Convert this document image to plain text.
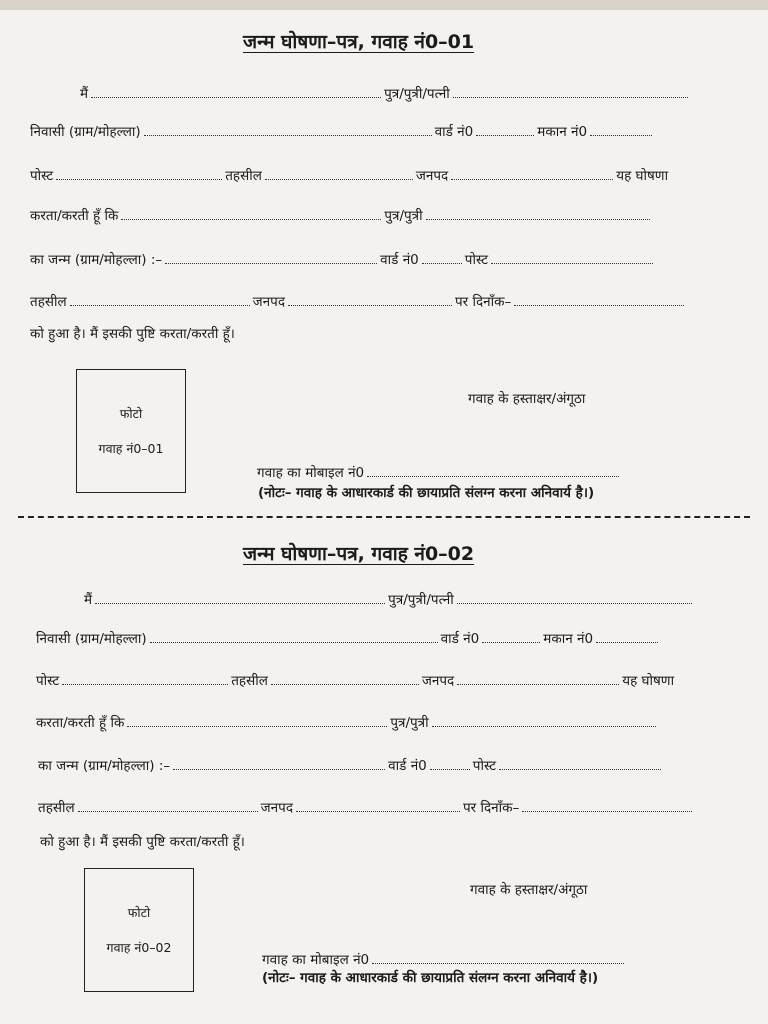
जन्म घोषणा–पत्र, गवाह नं0–01
मैं	पुत्र/पुत्री/पत्नी
निवासी (ग्राम/मोहल्ला)	वार्ड नं0	मकान नं0
पोस्ट	तहसील	जनपद	यह घोषणा
करता/करती हूँ कि	पुत्र/पुत्री
का जन्म (ग्राम/मोहल्ला) :–	वार्ड नं0	पोस्ट
तहसील	जनपद	पर दिनाँक–
को हुआ है। मैं इसकी पुष्टि करता/करती हूँ।
फोटो
गवाह नं0–01
गवाह के हस्ताक्षर/अंगूठा
गवाह का मोबाइल नं0
(नोटः– गवाह के आधारकार्ड की छायाप्रति संलग्न करना अनिवार्य है।)
जन्म घोषणा–पत्र, गवाह नं0–02
मैं	पुत्र/पुत्री/पत्नी
निवासी (ग्राम/मोहल्ला)	वार्ड नं0	मकान नं0
पोस्ट	तहसील	जनपद	यह घोषणा
करता/करती हूँ कि	पुत्र/पुत्री
का जन्म (ग्राम/मोहल्ला) :–	वार्ड नं0	पोस्ट
तहसील	जनपद	पर दिनाँक–
को हुआ है। मैं इसकी पुष्टि करता/करती हूँ।
फोटो
गवाह नं0–02
गवाह के हस्ताक्षर/अंगूठा
गवाह का मोबाइल नं0
(नोटः– गवाह के आधारकार्ड की छायाप्रति संलग्न करना अनिवार्य है।)
